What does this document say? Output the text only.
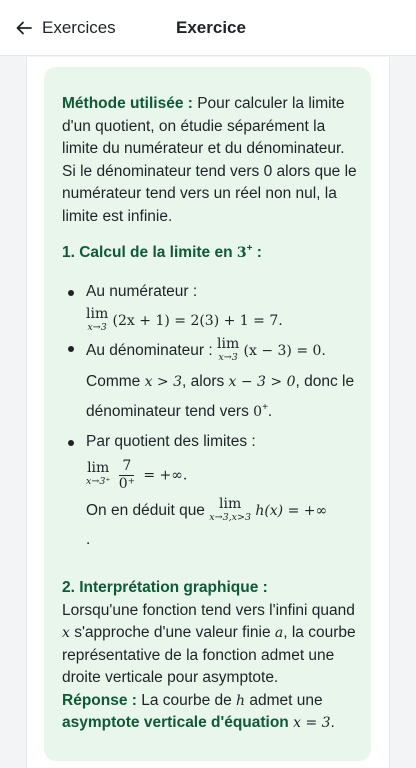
Exercices	Exercice

Méthode utilisée : Pour calculer la limite d'un quotient, on étudie séparément la limite du numérateur et du dénominateur. Si le dénominateur tend vers 0 alors que le numérateur tend vers un réel non nul, la limite est infinie.

1. Calcul de la limite en 3+ :

Au numérateur :
lim
x→3 (2x + 1) = 2(3) + 1 = 7.
Au dénominateur : lim
x→3 (x − 3) = 0.
Comme x > 3, alors x − 3 > 0, donc le dénominateur tend vers 0+.
Par quotient des limites :
lim
x→3⁺
$\frac{7}{0^+}$ = +∞.
On en déduit que lim
x→3,x>3 h(x) = +∞
.

2. Interprétation graphique :

Lorsqu'une fonction tend vers l'infini quand x s'approche d'une valeur finie a, la courbe représentative de la fonction admet une droite verticale pour asymptote.

Réponse : La courbe de h admet une asymptote verticale d'équation x = 3.
